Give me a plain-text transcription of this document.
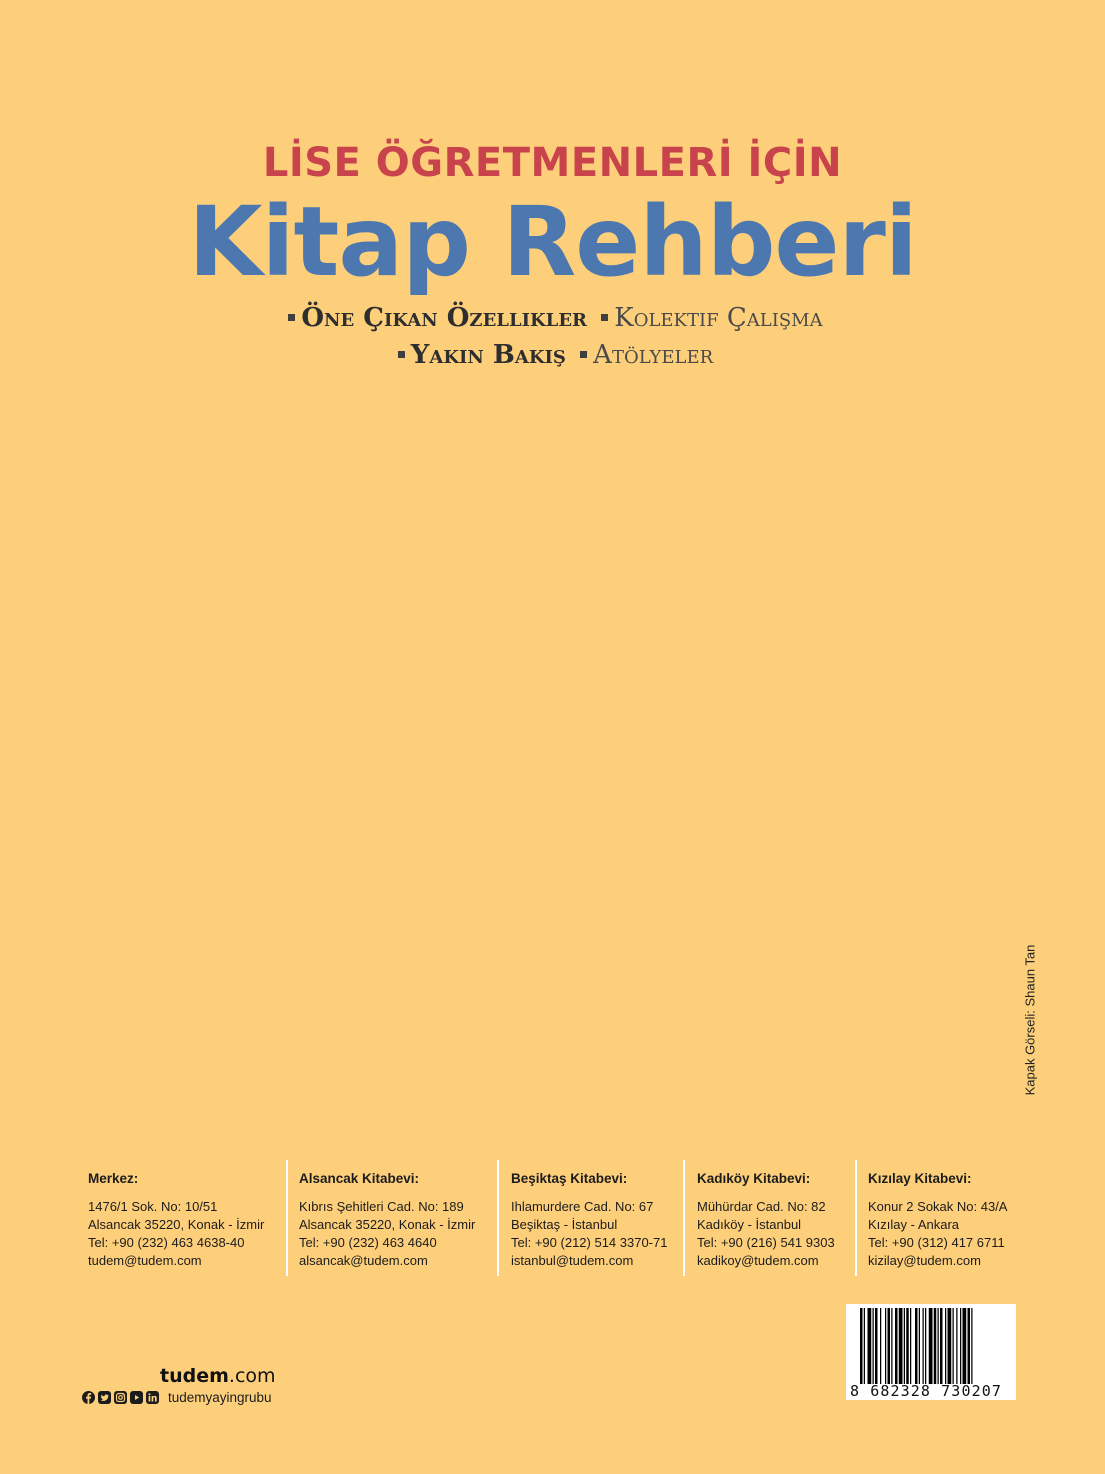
LİSE ÖĞRETMENLERİ İÇİN
Kitap Rehberi
Öne Çıkan Özellikler Kolektif Çalışma
Yakın Bakış Atölyeler
Kapak Görseli: Shaun Tan
Merkez:
1476/1 Sok. No: 10/51
Alsancak 35220, Konak - İzmir
Tel: +90 (232) 463 4638-40
tudem@tudem.com
Alsancak Kitabevi:
Kıbrıs Şehitleri Cad. No: 189
Alsancak 35220, Konak - İzmir
Tel: +90 (232) 463 4640
alsancak@tudem.com
Beşiktaş Kitabevi:
Ihlamurdere Cad. No: 67
Beşiktaş - İstanbul
Tel: +90 (212) 514 3370-71
istanbul@tudem.com
Kadıköy Kitabevi:
Mühürdar Cad. No: 82
Kadıköy - İstanbul
Tel: +90 (216) 541 9303
kadikoy@tudem.com
Kızılay Kitabevi:
Konur 2 Sokak No: 43/A
Kızılay - Ankara
Tel: +90 (312) 417 6711
kizilay@tudem.com
8 682328 730207
tudem.com
tudemyayingrubu
